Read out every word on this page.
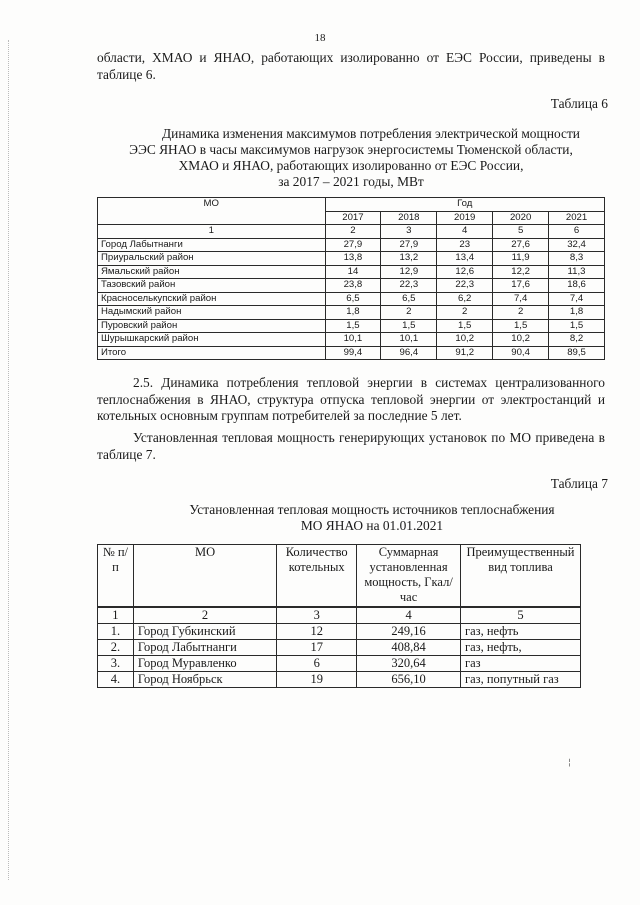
18
области, ХМАО и ЯНАО, работающих изолированно от ЕЭС России, приведены в таблице 6.
Таблица 6
Динамика изменения максимумов потребления электрической мощности
ЭЭС ЯНАО в часы максимумов нагрузок энергосистемы Тюменской области,
ХМАО и ЯНАО, работающих изолированно от ЕЭС России,
за 2017 – 2021 годы, МВт
МО	Год				
	2017	2018	2019	2020	2021
1	2	3	4	5	6
Город Лабытнанги	27,9	27,9	23	27,6	32,4
Приуральский район	13,8	13,2	13,4	11,9	8,3
Ямальский район	14	12,9	12,6	12,2	11,3
Тазовский район	23,8	22,3	22,3	17,6	18,6
Красноселькупский район	6,5	6,5	6,2	7,4	7,4
Надымский район	1,8	2	2	2	1,8
Пуровский район	1,5	1,5	1,5	1,5	1,5
Шурышкарский район	10,1	10,1	10,2	10,2	8,2
Итого	99,4	96,4	91,2	90,4	89,5
2.5. Динамика потребления тепловой энергии в системах централизованного теплоснабжения в ЯНАО, структура отпуска тепловой энергии от электростанций и котельных основным группам потребителей за последние 5 лет.
Установленная тепловая мощность генерирующих установок по МО приведена в таблице 7.
Таблица 7
Установленная тепловая мощность источников теплоснабжения
МО ЯНАО на 01.01.2021
№ п/п	МО	Количество котельных	Суммарная установленная мощность, Гкал/час	Преимущественный вид топлива
1	2	3	4	5
1.	Город Губкинский	12	249,16	газ, нефть
2.	Город Лабытнанги	17	408,84	газ, нефть,
3.	Город Муравленко	6	320,64	газ
4.	Город Ноябрьск	19	656,10	газ, попутный газ
¦
